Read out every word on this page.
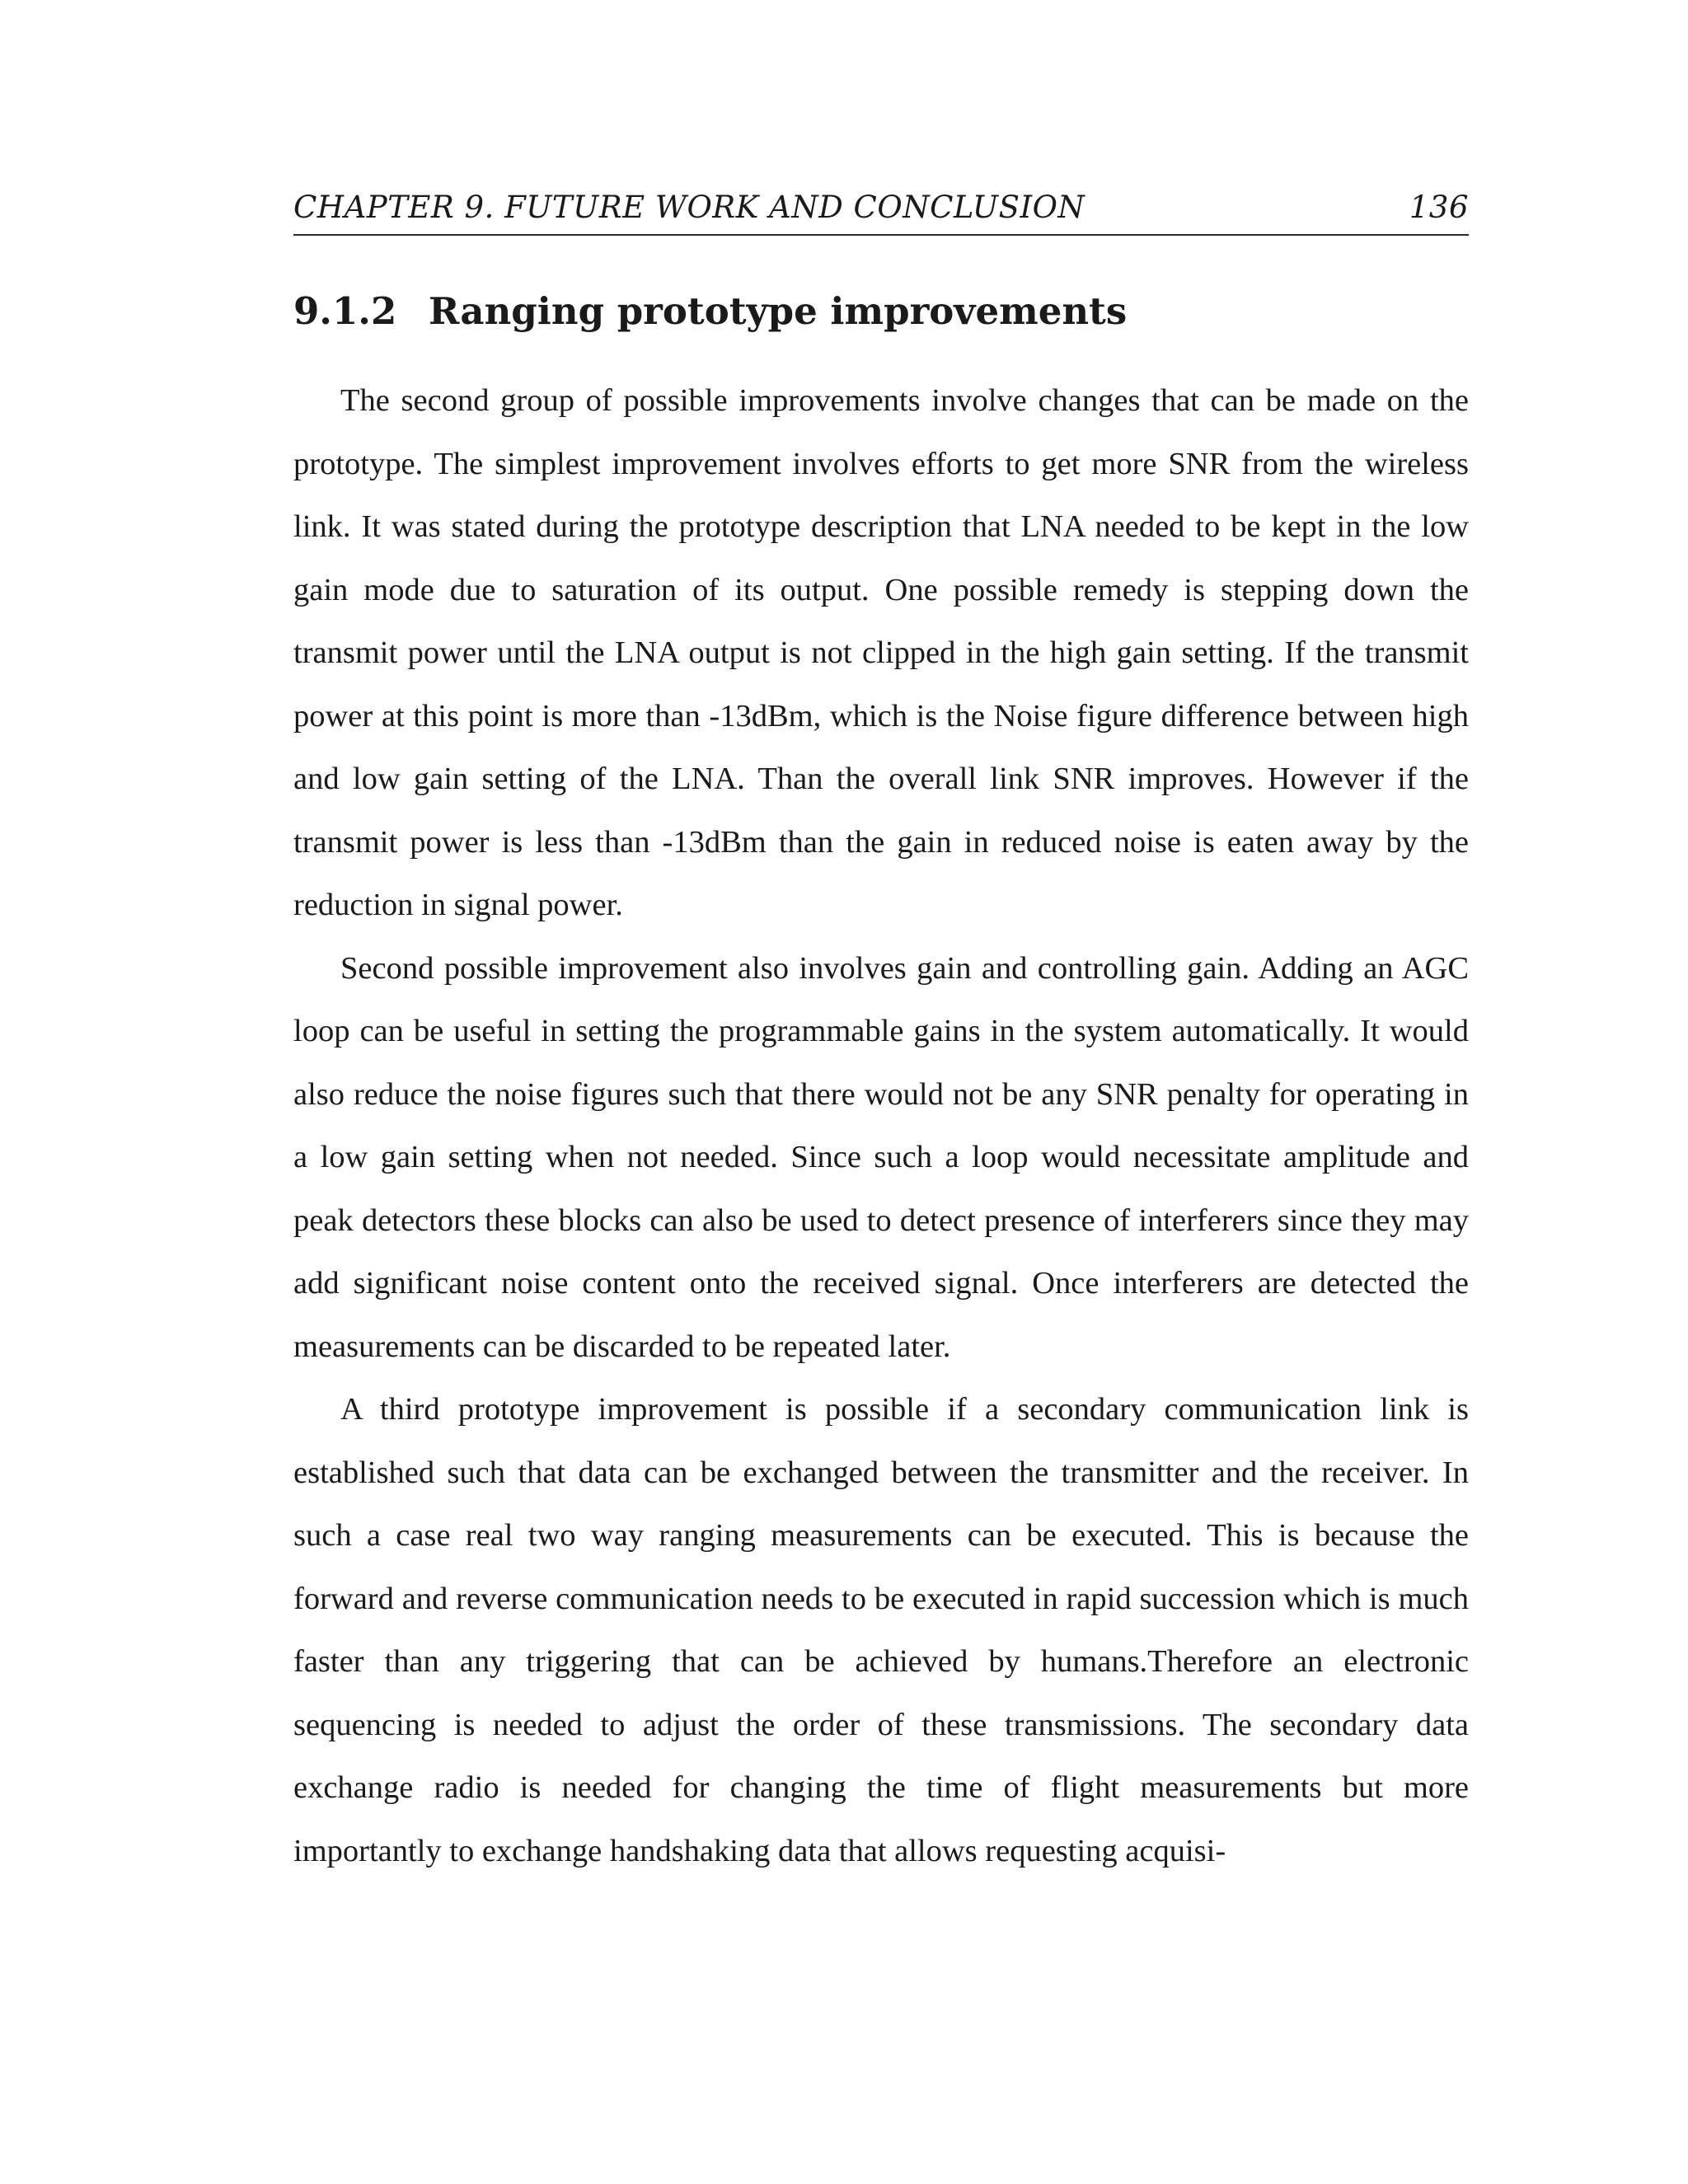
CHAPTER 9. FUTURE WORK AND CONCLUSION	136
9.1.2 Ranging prototype improvements

The second group of possible improvements involve changes that can be made on the prototype. The simplest improvement involves efforts to get more SNR from the wireless link. It was stated during the prototype description that LNA needed to be kept in the low gain mode due to saturation of its output. One possible remedy is stepping down the transmit power until the LNA output is not clipped in the high gain setting. If the transmit power at this point is more than -13dBm, which is the Noise figure difference between high and low gain setting of the LNA. Than the overall link SNR improves. However if the transmit power is less than -13dBm than the gain in reduced noise is eaten away by the reduction in signal power.

Second possible improvement also involves gain and controlling gain. Adding an AGC loop can be useful in setting the programmable gains in the system automatically. It would also reduce the noise figures such that there would not be any SNR penalty for operating in a low gain setting when not needed. Since such a loop would necessitate amplitude and peak detectors these blocks can also be used to detect presence of interferers since they may add significant noise content onto the received signal. Once interferers are detected the measurements can be discarded to be repeated later.

A third prototype improvement is possible if a secondary communication link is established such that data can be exchanged between the transmitter and the receiver. In such a case real two way ranging measurements can be executed. This is because the forward and reverse communication needs to be executed in rapid succession which is much faster than any triggering that can be achieved by humans.Therefore an electronic sequencing is needed to adjust the order of these transmissions. The secondary data exchange radio is needed for changing the time of flight measurements but more importantly to exchange handshaking data that allows requesting acquisi-
